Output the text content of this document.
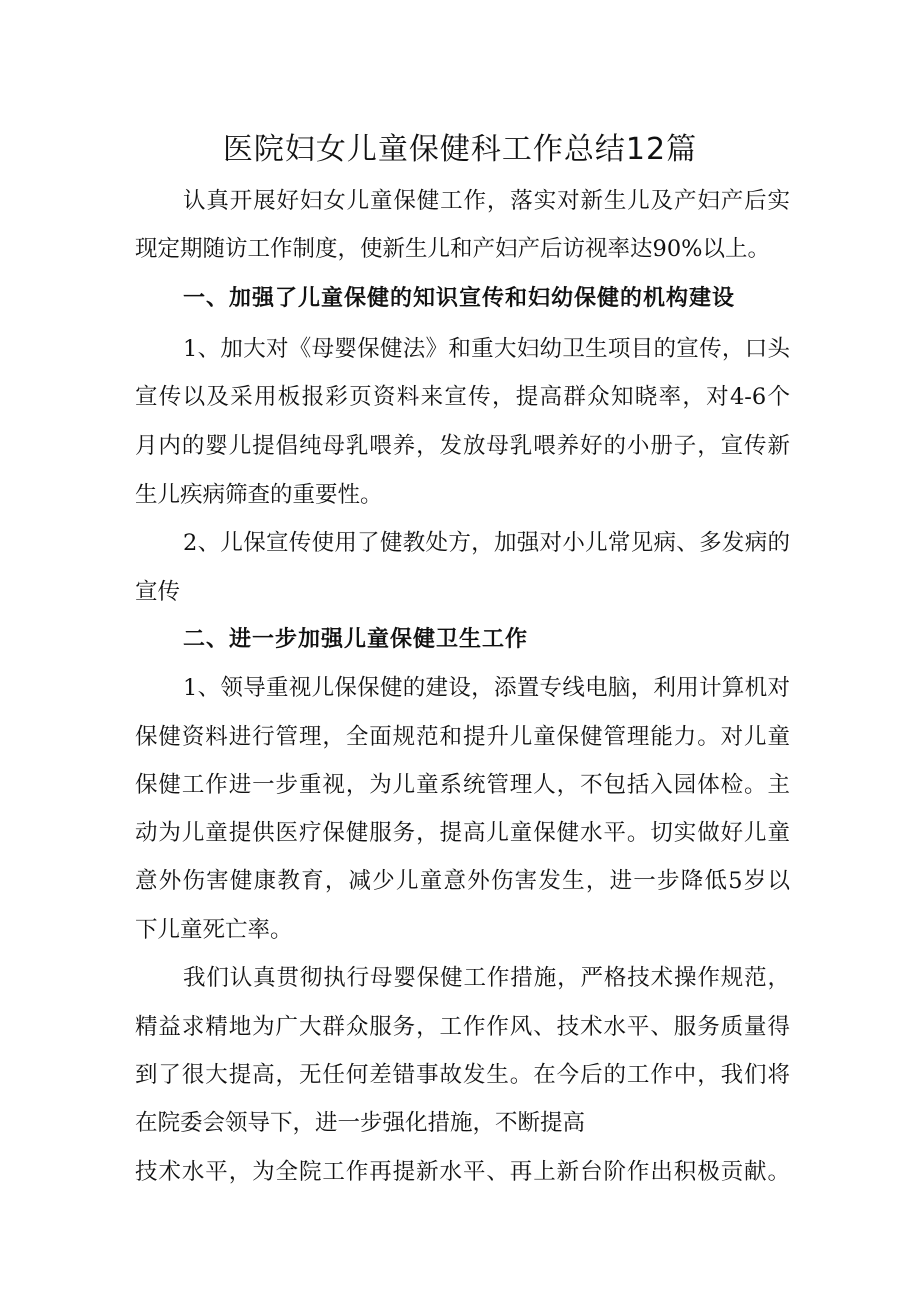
医院妇女儿童保健科工作总结12篇

认真开展好妇女儿童保健工作，落实对新生儿及产妇产后实

现定期随访工作制度，使新生儿和产妇产后访视率达90%以上。

一、加强了儿童保健的知识宣传和妇幼保健的机构建设

1、加大对《母婴保健法》和重大妇幼卫生项目的宣传，口头

宣传以及采用板报彩页资料来宣传，提高群众知晓率，对4-6个

月内的婴儿提倡纯母乳喂养，发放母乳喂养好的小册子，宣传新

生儿疾病筛查的重要性。

2、儿保宣传使用了健教处方，加强对小儿常见病、多发病的

宣传

二、进一步加强儿童保健卫生工作

1、领导重视儿保保健的建设，添置专线电脑，利用计算机对

保健资料进行管理，全面规范和提升儿童保健管理能力。对儿童

保健工作进一步重视，为儿童系统管理人，不包括入园体检。主

动为儿童提供医疗保健服务，提高儿童保健水平。切实做好儿童

意外伤害健康教育，减少儿童意外伤害发生，进一步降低5岁以

下儿童死亡率。

我们认真贯彻执行母婴保健工作措施，严格技术操作规范，

精益求精地为广大群众服务，工作作风、技术水平、服务质量得

到了很大提高，无任何差错事故发生。在今后的工作中，我们将

在院委会领导下，进一步强化措施，不断提高

技术水平，为全院工作再提新水平、再上新台阶作出积极贡献。
